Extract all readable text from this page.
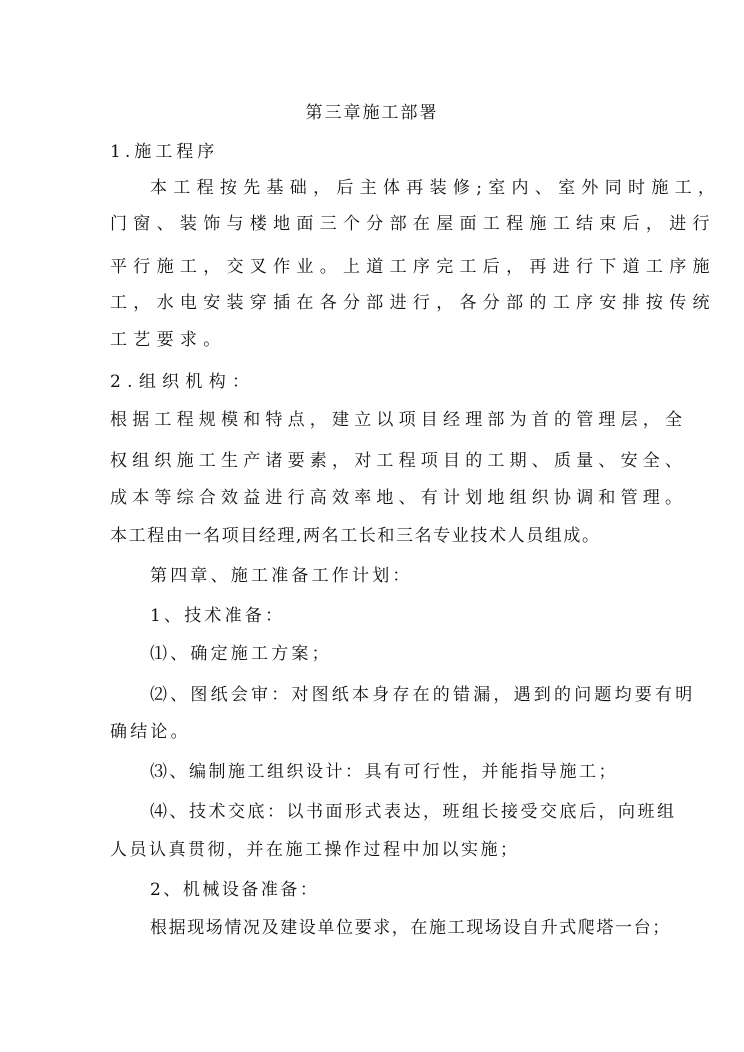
第三章施工部署
1.施工程序
本工程按先基础，后主体再装修;室内、室外同时施工，
门窗、装饰与楼地面三个分部在屋面工程施工结束后，进行
平行施工，交叉作业。上道工序完工后，再进行下道工序施
工，水电安装穿插在各分部进行，各分部的工序安排按传统
工艺要求。
2.组织机构：
根据工程规模和特点，建立以项目经理部为首的管理层，全
权组织施工生产诸要素，对工程项目的工期、质量、安全、
成本等综合效益进行高效率地、有计划地组织协调和管理。
本工程由一名项目经理,两名工长和三名专业技术人员组成。
第四章、施工准备工作计划：
1、技术准备：
⑴、确定施工方案；
⑵、图纸会审：对图纸本身存在的错漏，遇到的问题均要有明
确结论。
⑶、编制施工组织设计：具有可行性，并能指导施工；
⑷、技术交底：以书面形式表达，班组长接受交底后，向班组
人员认真贯彻，并在施工操作过程中加以实施；
2、机械设备准备：
根据现场情况及建设单位要求，在施工现场设自升式爬塔一台；
